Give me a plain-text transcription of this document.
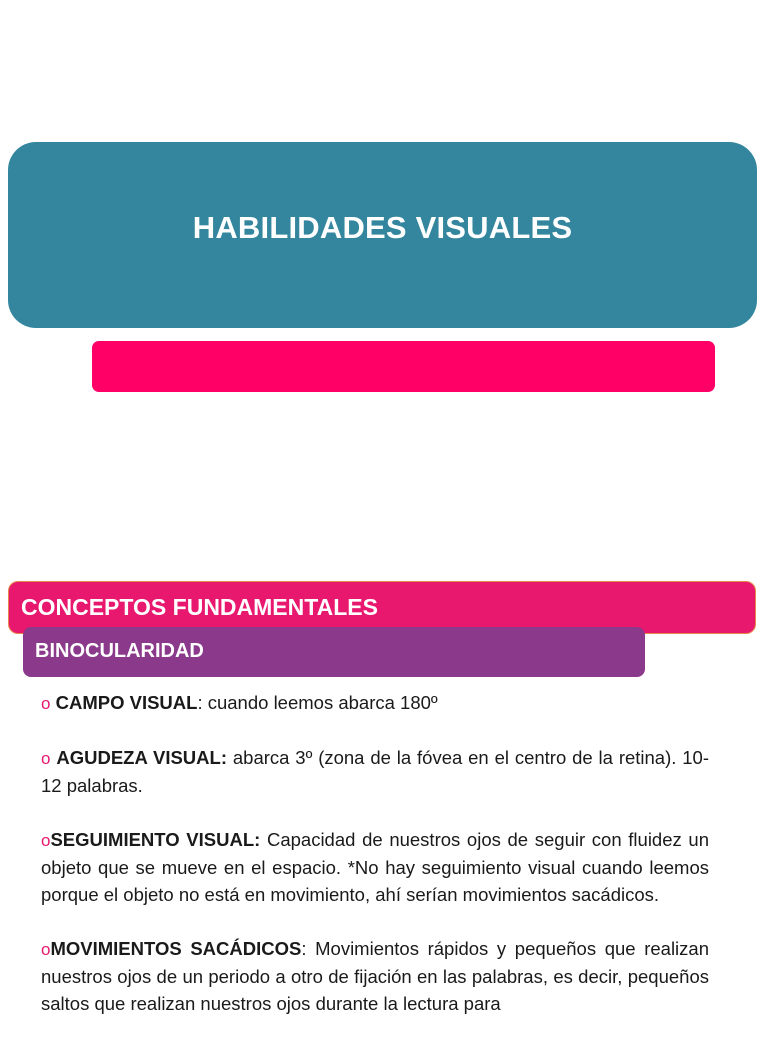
HABILIDADES VISUALES
CONCEPTOS FUNDAMENTALES
BINOCULARIDAD

o CAMPO VISUAL: cuando leemos abarca 180º

o AGUDEZA VISUAL: abarca 3º (zona de la fóvea en el centro de la retina). 10-12 palabras.

oSEGUIMIENTO VISUAL: Capacidad de nuestros ojos de seguir con fluidez un objeto que se mueve en el espacio. *No hay seguimiento visual cuando leemos porque el objeto no está en movimiento, ahí serían movimientos sacádicos.

oMOVIMIENTOS SACÁDICOS: Movimientos rápidos y pequeños que realizan nuestros ojos de un periodo a otro de fijación en las palabras, es decir, pequeños saltos que realizan nuestros ojos durante la lectura para
